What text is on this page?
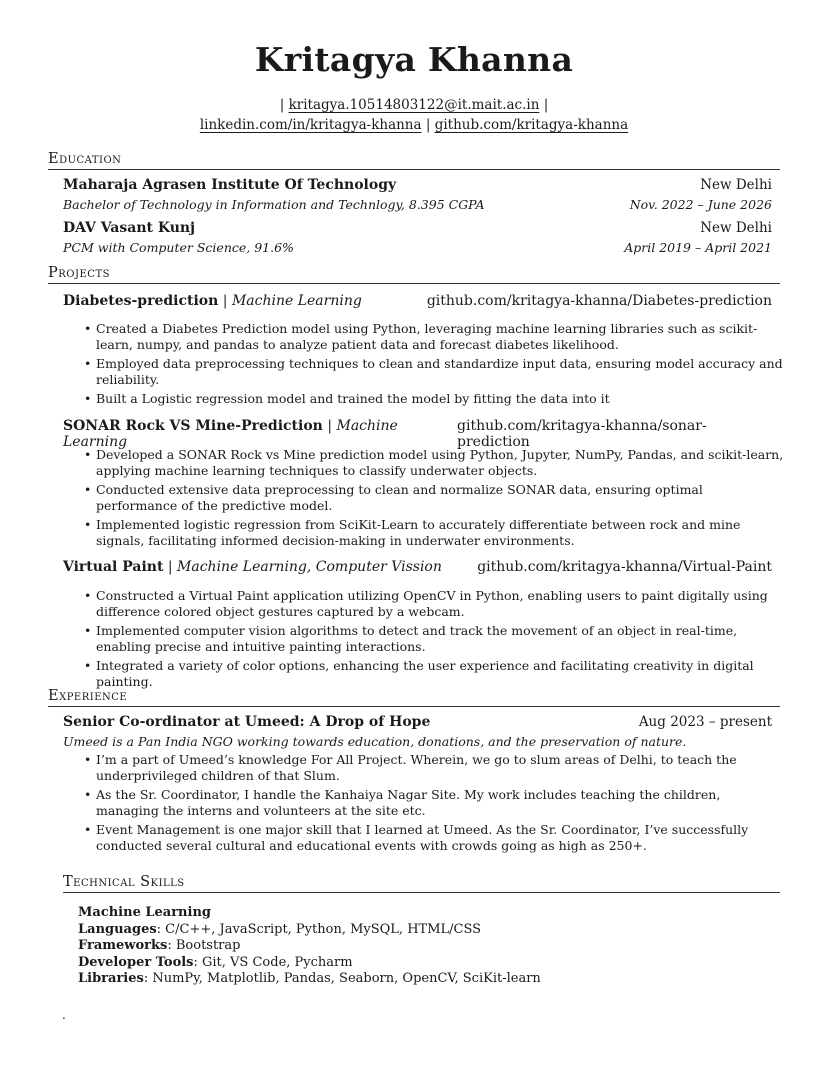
Kritagya Khanna
| kritagya.10514803122@it.mait.ac.in |
linkedin.com/in/kritagya-khanna | github.com/kritagya-khanna
Education
Maharaja Agrasen Institute Of Technology	New Delhi
Bachelor of Technology in Information and Technlogy, 8.395 CGPA	Nov. 2022 – June 2026
DAV Vasant Kunj	New Delhi
PCM with Computer Science, 91.6%	April 2019 – April 2021
Projects
Diabetes-prediction | Machine Learning	github.com/kritagya-khanna/Diabetes-prediction
• Created a Diabetes Prediction model using Python, leveraging machine learning libraries such as scikit-learn, numpy, and pandas to analyze patient data and forecast diabetes likelihood.
• Employed data preprocessing techniques to clean and standardize input data, ensuring model accuracy and reliability.
• Built a Logistic regression model and trained the model by fitting the data into it
SONAR Rock VS Mine-Prediction | Machine Learning
github.com/kritagya-khanna/sonar-prediction
• Developed a SONAR Rock vs Mine prediction model using Python, Jupyter, NumPy, Pandas, and scikit-learn, applying machine learning techniques to classify underwater objects.
• Conducted extensive data preprocessing to clean and normalize SONAR data, ensuring optimal performance of the predictive model.
• Implemented logistic regression from SciKit-Learn to accurately differentiate between rock and mine signals, facilitating informed decision-making in underwater environments.
Virtual Paint | Machine Learning, Computer Vission	github.com/kritagya-khanna/Virtual-Paint
• Constructed a Virtual Paint application utilizing OpenCV in Python, enabling users to paint digitally using difference colored object gestures captured by a webcam.
• Implemented computer vision algorithms to detect and track the movement of an object in real-time, enabling precise and intuitive painting interactions.
• Integrated a variety of color options, enhancing the user experience and facilitating creativity in digital painting.
Experience
Senior Co-ordinator at Umeed: A Drop of Hope	Aug 2023 – present
Umeed is a Pan India NGO working towards education, donations, and the preservation of nature.
• I’m a part of Umeed’s knowledge For All Project. Wherein, we go to slum areas of Delhi, to teach the underprivileged children of that Slum.
• As the Sr. Coordinator, I handle the Kanhaiya Nagar Site. My work includes teaching the children, managing the interns and volunteers at the site etc.
• Event Management is one major skill that I learned at Umeed. As the Sr. Coordinator, I’ve successfully conducted several cultural and educational events with crowds going as high as 250+.
Technical Skills
Machine Learning
Languages: C/C++, JavaScript, Python, MySQL, HTML/CSS
Frameworks: Bootstrap
Developer Tools: Git, VS Code, Pycharm
Libraries: NumPy, Matplotlib, Pandas, Seaborn, OpenCV, SciKit-learn
.
